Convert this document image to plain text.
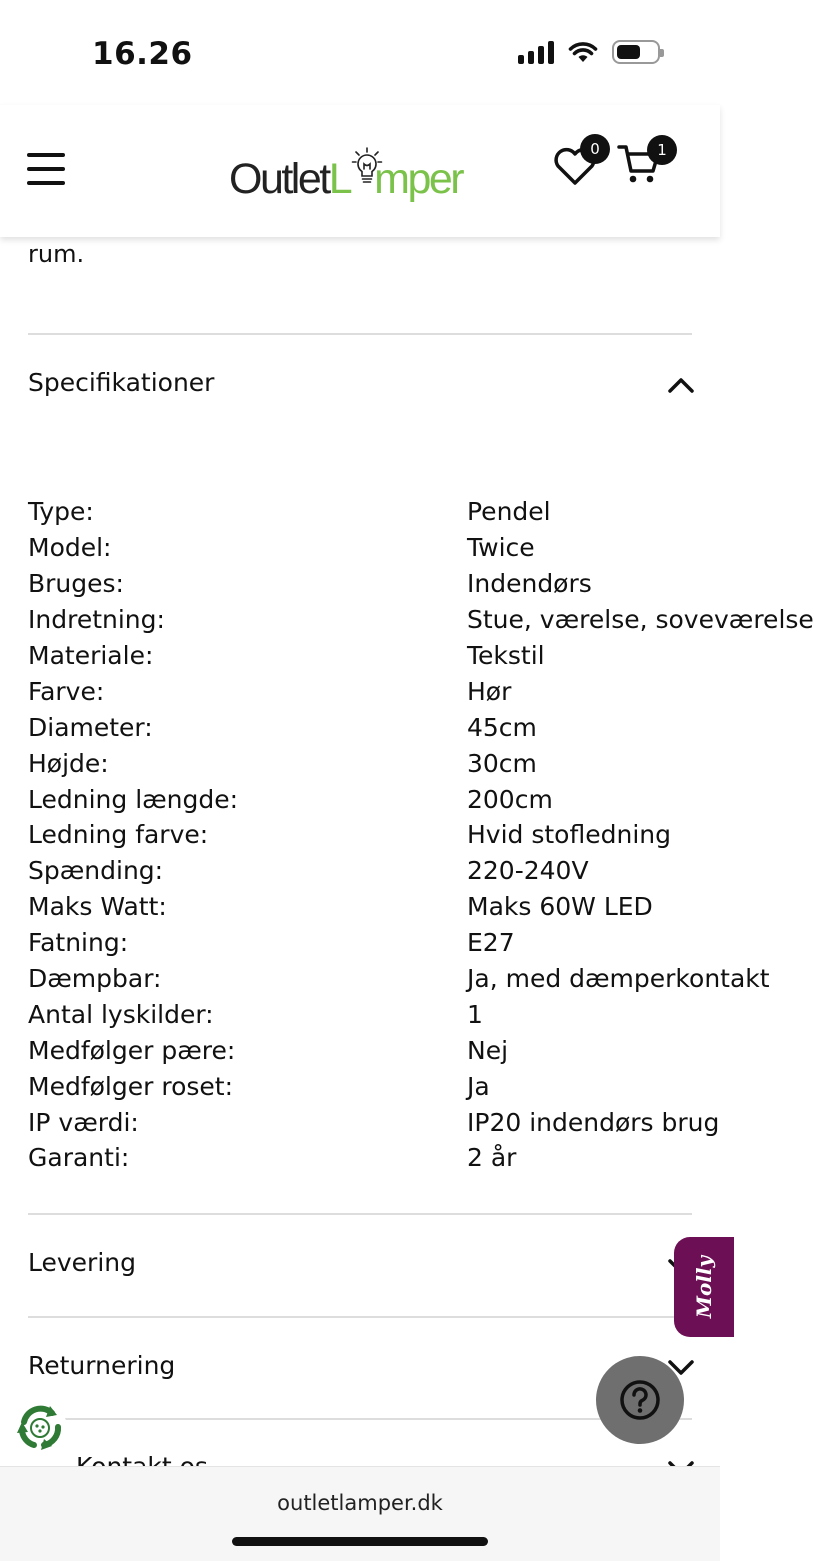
16.26
Outlet L mper
0	1
rum.
Specifikationer
Type:	Pendel
Model:	Twice
Bruges:	Indendørs
Indretning:	Stue, værelse, soveværelse
Materiale:	Tekstil
Farve:	Hør
Diameter:	45cm
Højde:	30cm
Ledning længde:	200cm
Ledning farve:	Hvid stofledning
Spænding:	220-240V
Maks Watt:	Maks 60W LED
Fatning:	E27
Dæmpbar:	Ja, med dæmperkontakt
Antal lyskilder:	1
Medfølger pære:	Nej
Medfølger roset:	Ja
IP værdi:	IP20 indendørs brug
Garanti:	2 år
Levering
Returnering
Molly
outletlamper.dk
